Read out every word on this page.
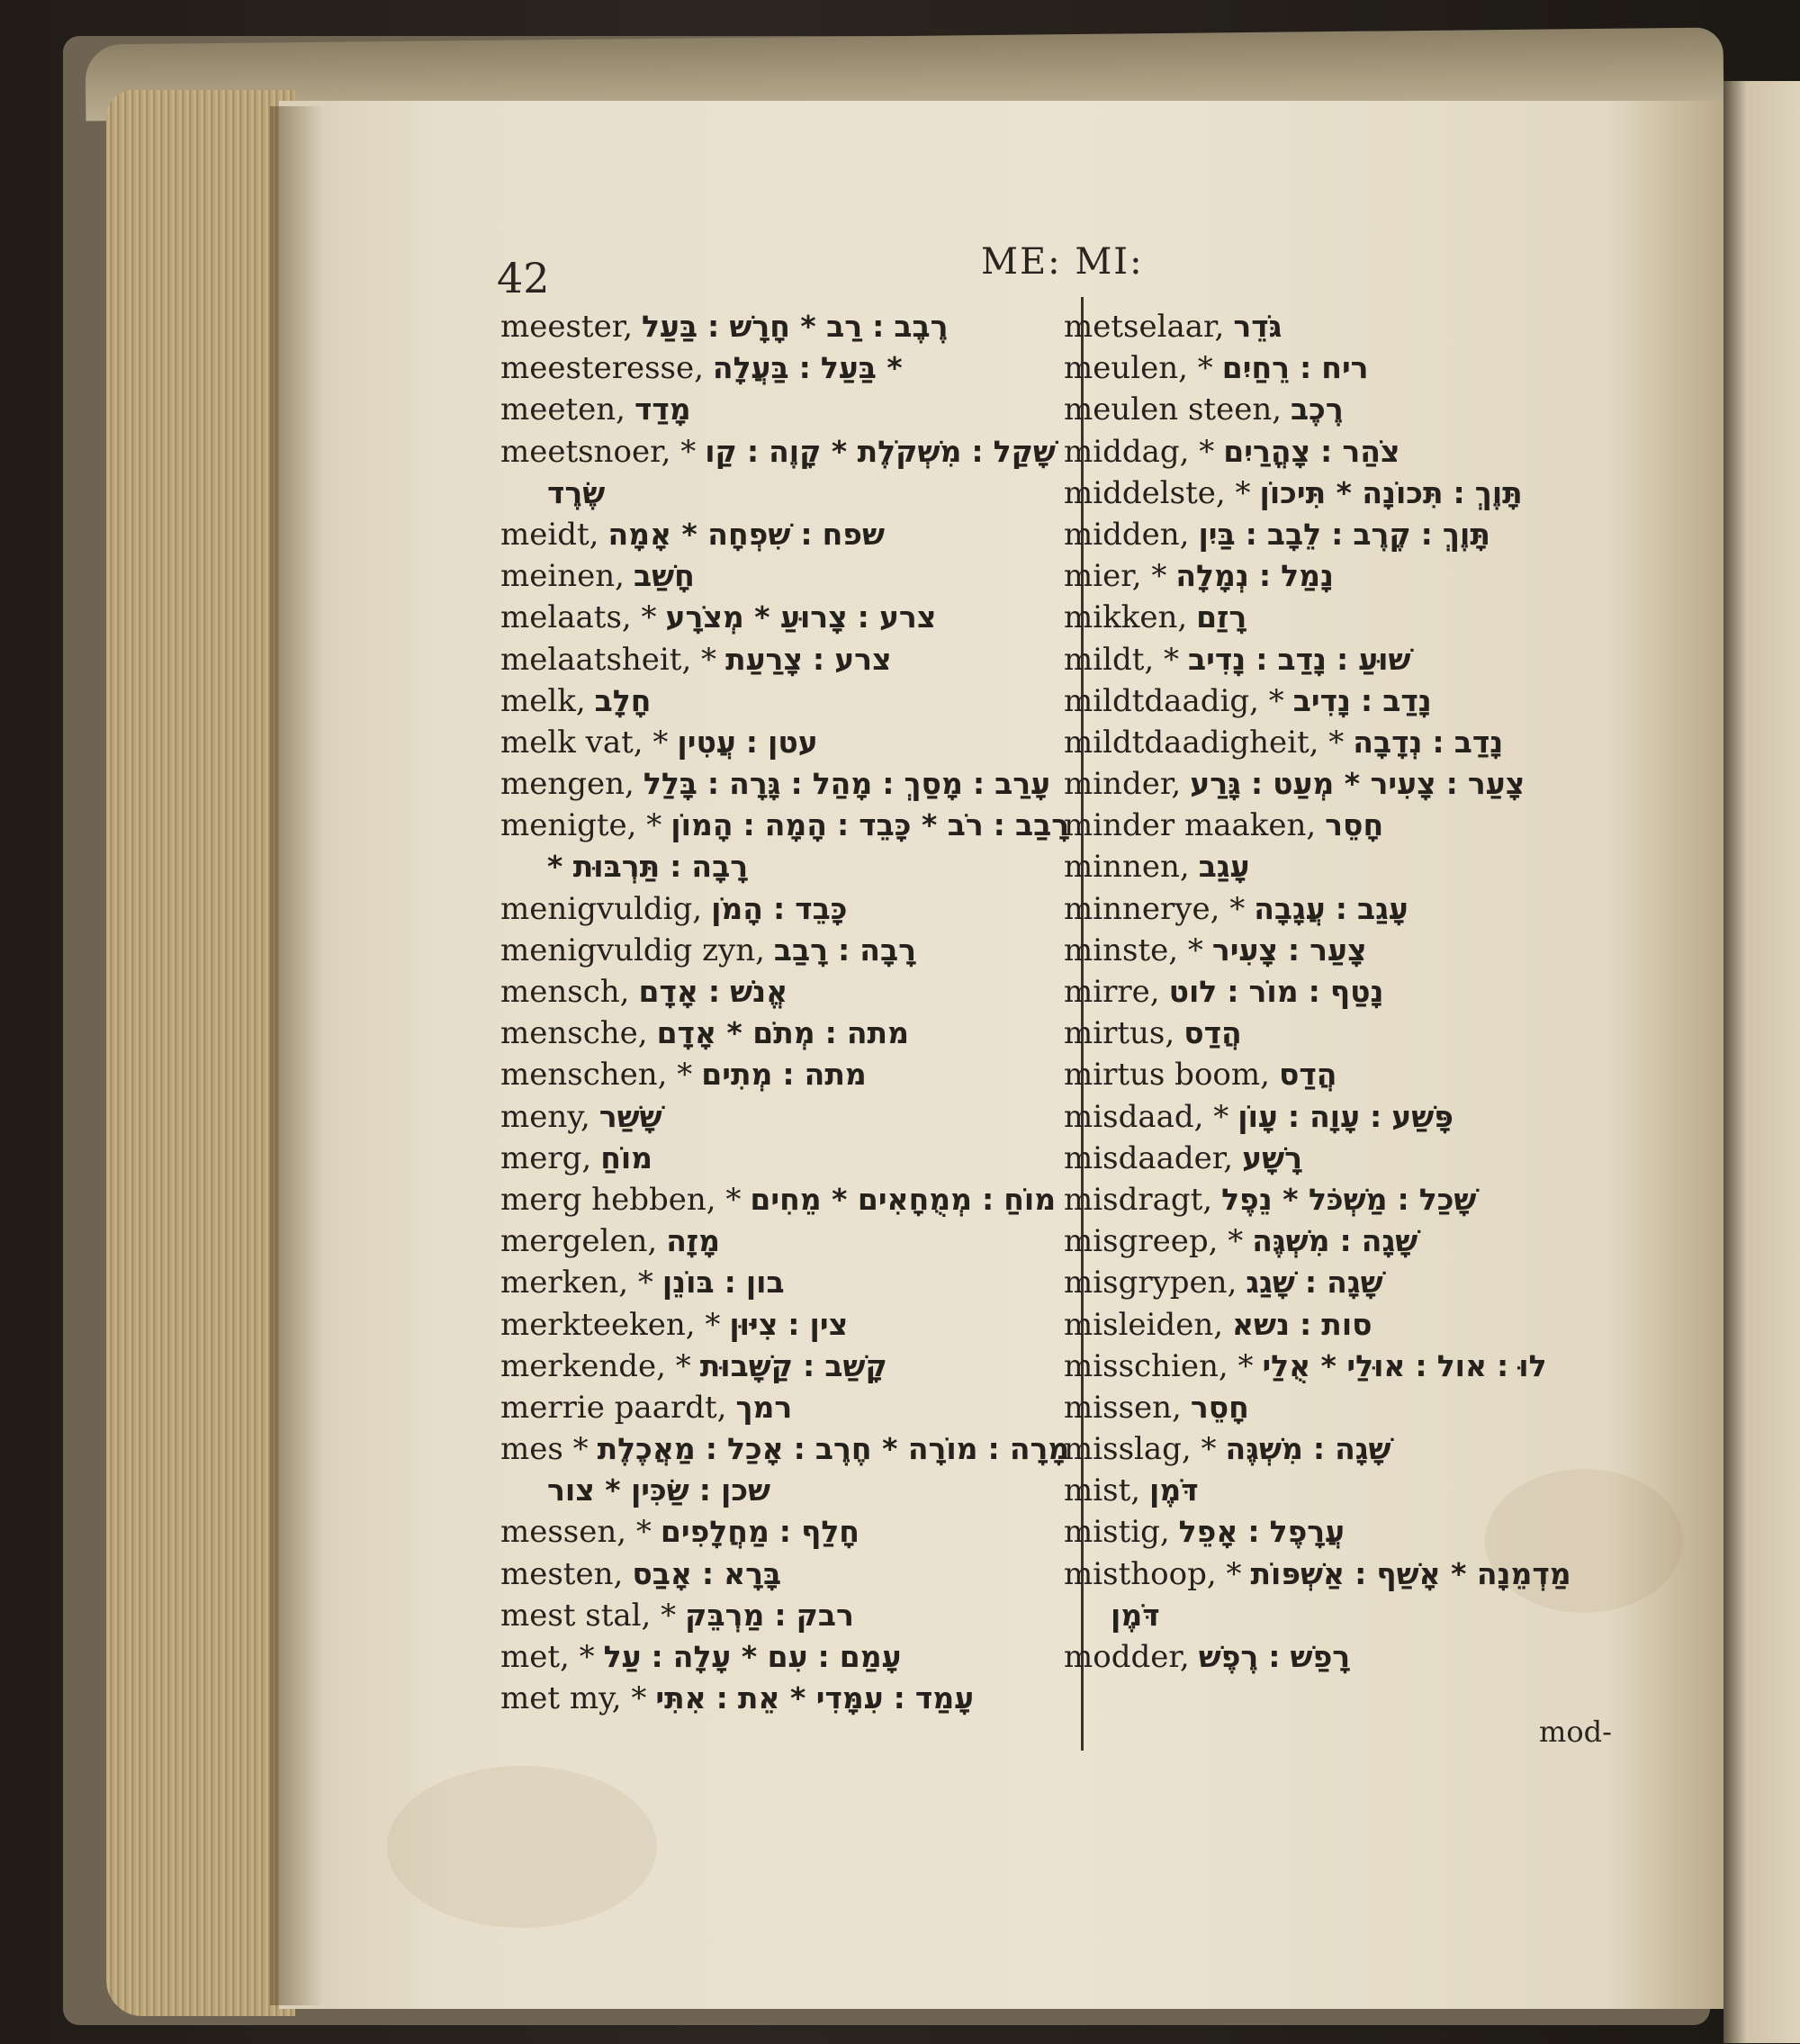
42	ME: MI:
meester, רֶבֶב ׃ רַב * חָרָשׁ ׃ בַּעַל
meesteresse, * בַּעַל ׃ בַּעֲלָה
meeten, מָדַד
meetsnoer, * שָׁקַל ׃ מִשְׁקֹלֶת * קָוֶה ׃ קַו
שֶׂרֶד
meidt, שפח ׃ שִׁפְחָה * אָמָה
meinen, חָשַׁב
melaats, * צרע ׃ צָרוּעַ * מְצֹרָע
melaatsheit, * צרע ׃ צָרַעַת
melk, חָלָב
melk vat, * עטן ׃ עֲטִין
mengen, עָרַב ׃ מָסַךְ ׃ מָהַל ׃ גָּרָה ׃ בָּלַל
menigte, * רָבַב ׃ רֹב * כָּבֵד ׃ הָמָה ׃ הָמוֹן
רָבָה ׃ תַּרְבּוּת *
menigvuldig, כָּבֵד ׃ הָמֹן
menigvuldig zyn, רָבָה ׃ רָבַב
mensch, אֱנֹשׁ ׃ אָדָם
mensche, מתה ׃ מְתֹם * אָדָם
menschen, * מתה ׃ מְתִים
meny, שָׁשַׁר
merg, מוֹחַ
merg hebben, * מוֹחַ ׃ מְמֻחָאִים * מֵחִים
mergelen, מָזָה
merken, * בון ׃ בּוֹנֵן
merkteeken, * צין ׃ צִיּוּן
merkende, * קָשַׁב ׃ קַשָּׁבוּת
merrie paardt, רמך
mes * מָרָה ׃ מוֹרָה * חֶרֶב ׃ אָכַל ׃ מַאֲכֶלֶת
שכן ׃ שַׂכִּין * צור
messen, * חָלַף ׃ מַחֲלָפִים
mesten, בָּרָא ׃ אָבַס
mest stal, * רבק ׃ מַרְבֵּק
met, * עָמַם ׃ עִם * עָלָה ׃ עַל
met my, * עָמַד ׃ עִמָּדִי * אֵת ׃ אִתִּי
metselaar, גֹּדֵר
meulen, * ריח ׃ רֵחַיִם
meulen steen, רֶכֶב
middag, * צֹהַר ׃ צָהֳרַיִם
middelste, * תָּוֶךְ ׃ תִּכוֹנָה * תִּיכוֹן
midden, תָּוֶךְ ׃ קֶרֶב ׃ לֵבָב ׃ בַּיִן
mier, * נָמַל ׃ נְמָלָה
mikken, רָזַם
mildt, * שׁוּעַ ׃ נָדַב ׃ נָדִיב
mildtdaadig, * נָדַב ׃ נָדִיב
mildtdaadigheit, * נָדַב ׃ נְדָבָה
minder, צָעַר ׃ צָעִיר * מְעַט ׃ גָּרַע
minder maaken, חָסֵר
minnen, עָגַב
minnerye, * עָגַב ׃ עֲגָבָה
minste, * צָעַר ׃ צָעִיר
mirre, נָטַף ׃ מוֹר ׃ לוט
mirtus, הֲדַס
mirtus boom, הֲדַס
misdaad, * פָּשַׁע ׃ עָוָה ׃ עָוֹן
misdaader, רָשָׁע
misdragt, שָׁכַל ׃ מַשְׁכֹּל * נֵפֶל
misgreep, * שָׁגָה ׃ מִשְׁגֶּה
misgrypen, שָׁגָה ׃ שָׁגַג
misleiden, סות ׃ נשא
misschien, * לוּ ׃ אול ׃ אוּלַי * אֻלַי
missen, חָסֵר
misslag, * שָׁגָה ׃ מִשְׁגֶּה
mist, דֹּמֶן
mistig, עֲרָפֶל ׃ אָפֵל
misthoop, * מַדְמֵנָה * אָשַׁף ׃ אַשְׁפּוֹת
דֹּמֶן
modder, רָפַשׁ ׃ רֶפֶשׁ
mod-
